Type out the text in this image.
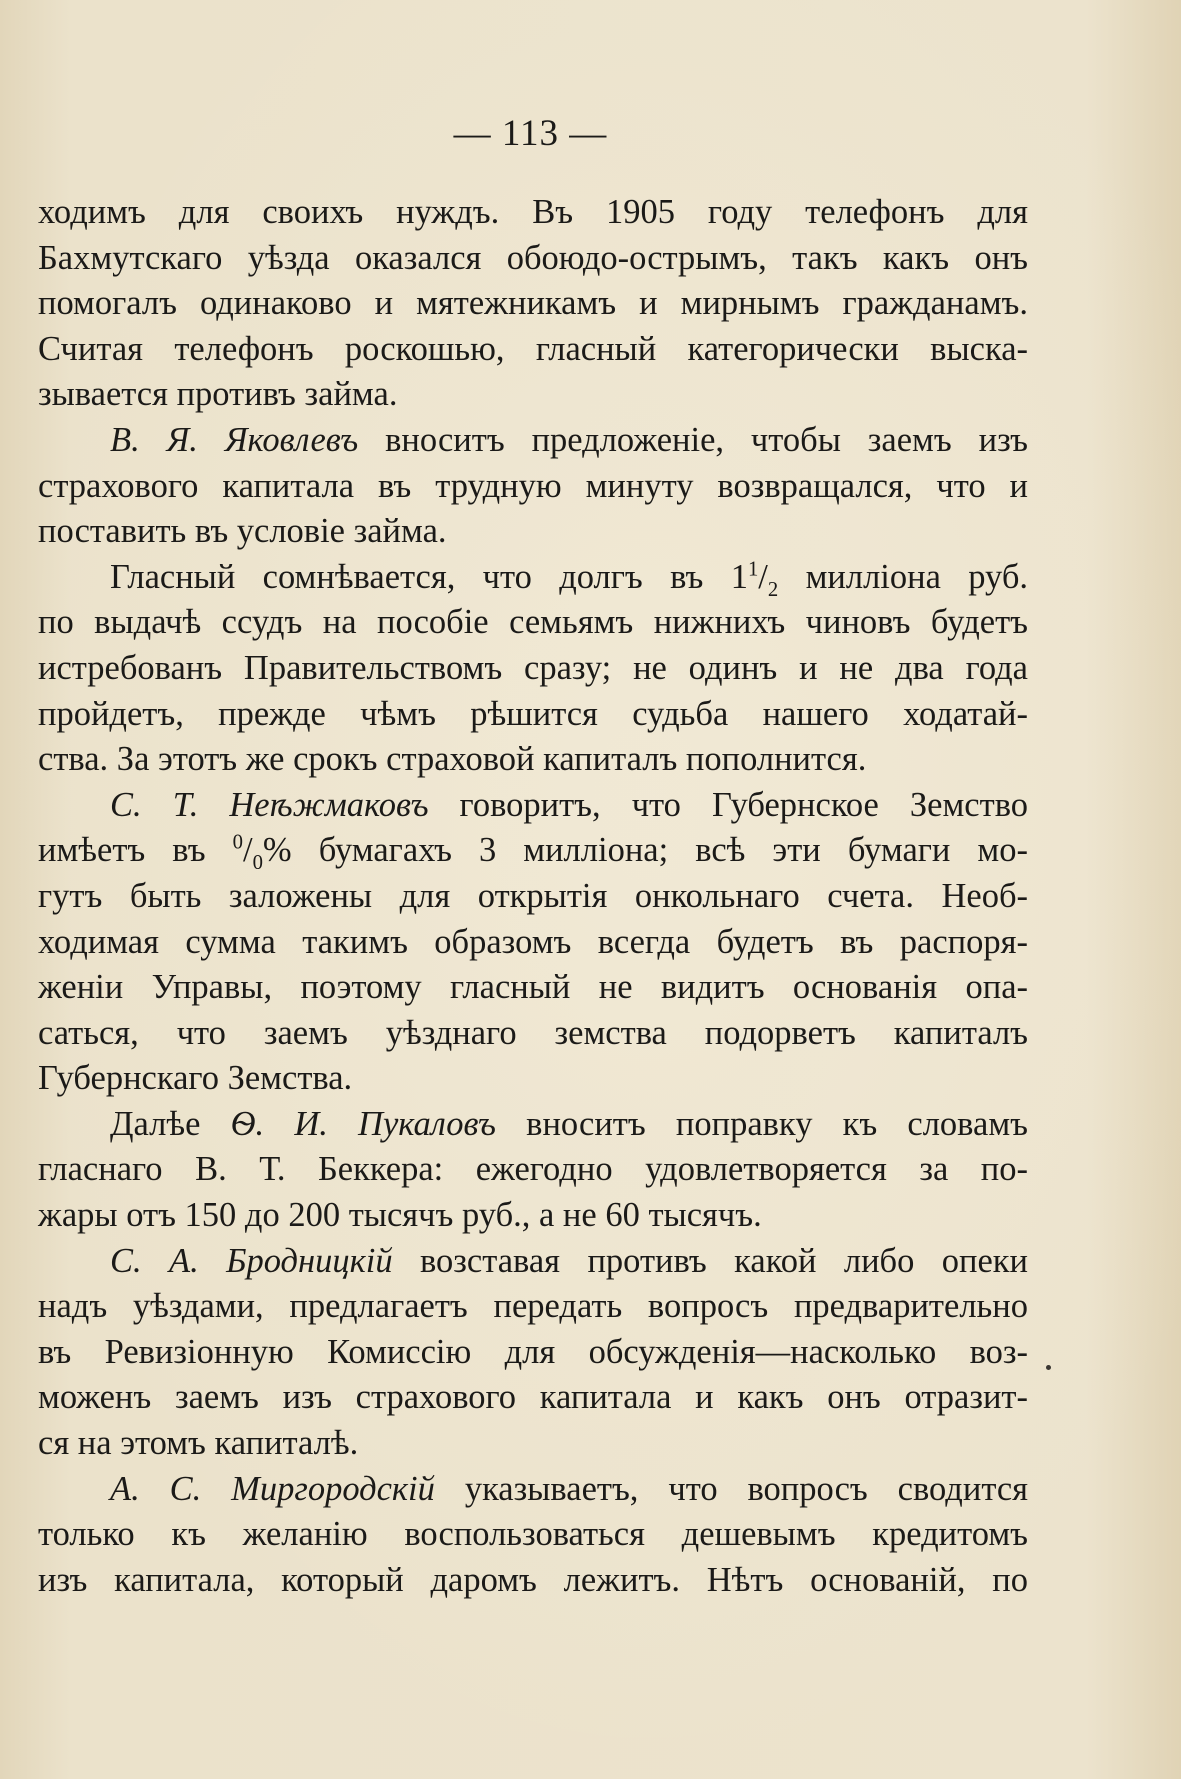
— 113 —

ходимъ для своихъ нуждъ. Въ 1905 году телефонъ для
Бахмутскаго уѣзда оказался обоюдо-острымъ, такъ какъ онъ
помогалъ одинаково и мятежникамъ и мирнымъ гражданамъ.
Считая телефонъ роскошью, гласный категорически выска-
зывается противъ займа.

В. Я. Яковлевъ вноситъ предложеніе, чтобы заемъ изъ
страхового капитала въ трудную минуту возвращался, что и
поставить въ условіе займа.

Гласный сомнѣвается, что долгъ въ $1^1/_2$ милліона руб.
по выдачѣ ссудъ на пособіе семьямъ нижнихъ чиновъ будетъ
истребованъ Правительствомъ сразу; не одинъ и не два года
пройдетъ, прежде чѣмъ рѣшится судьба нашего ходатай-
ства. За этотъ же срокъ страховой капиталъ пополнится.

С. Т. Неѣжмаковъ говоритъ, что Губернское Земство
имѣетъ въ $^0/_0\%$ бумагахъ 3 милліона; всѣ эти бумаги мо-
гутъ быть заложены для открытія онкольнаго счета. Необ-
ходимая сумма такимъ образомъ всегда будетъ въ распоря-
женіи Управы, поэтому гласный не видитъ основанія опа-
саться, что заемъ уѣзднаго земства подорветъ капиталъ
Губернскаго Земства.

Далѣе Ѳ. И. Пукаловъ вноситъ поправку къ словамъ
гласнаго В. Т. Беккера: ежегодно удовлетворяется за по-
жары отъ 150 до 200 тысячъ руб., а не 60 тысячъ.

С. А. Бродницкій возставая противъ какой либо опеки
надъ уѣздами, предлагаетъ передать вопросъ предварительно
въ Ревизіонную Комиссію для обсужденія—насколько воз-
моженъ заемъ изъ страхового капитала и какъ онъ отразит-
ся на этомъ капиталѣ.

А. С. Миргородскій указываетъ, что вопросъ сводится
только къ желанію воспользоваться дешевымъ кредитомъ
изъ капитала, который даромъ лежитъ. Нѣтъ основаній, по
